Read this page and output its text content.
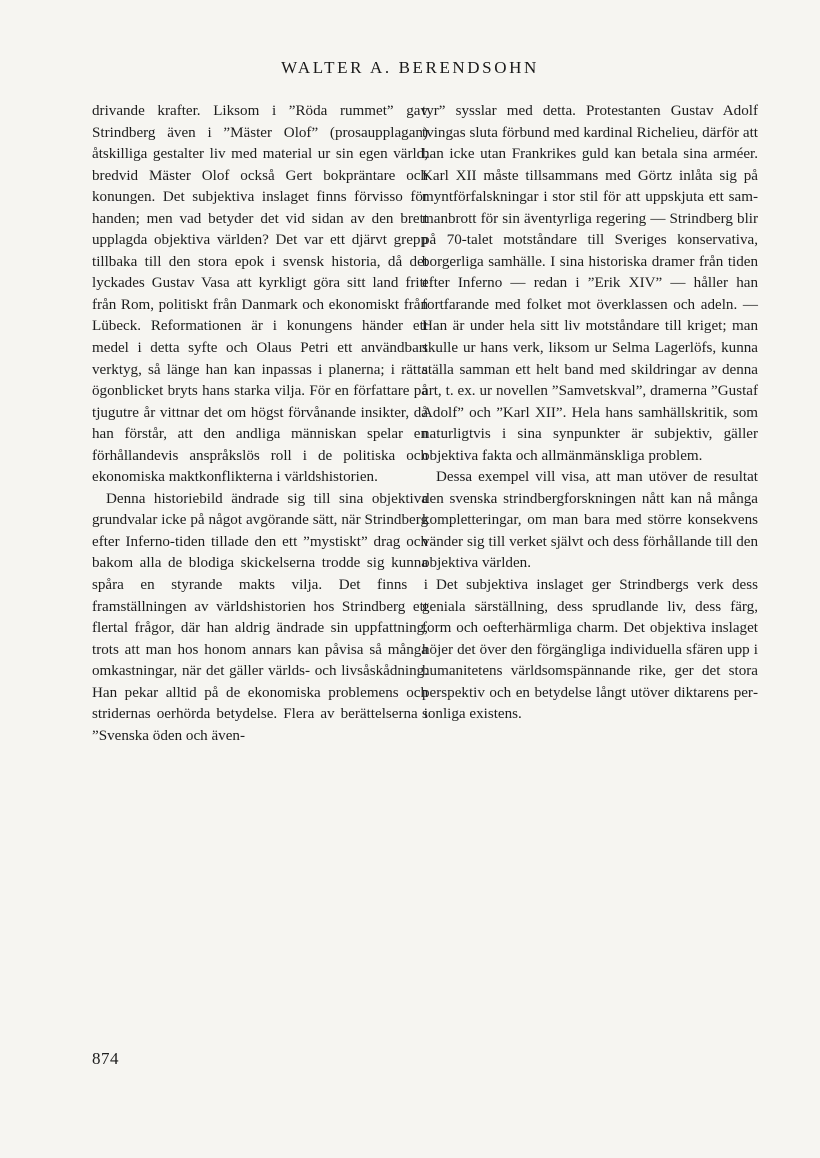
WALTER A. BERENDSOHN

drivande krafter. Liksom i ”Röda rummet” gav Strindberg även i ”Mäster Olof” (prosaupplagan) åtskilliga gestalter liv med material ur sin egen värld, bredvid Mäster Olof också Gert bokpräntare och konungen. Det subjektiva inslaget finns förvisso för handen; men vad betyder det vid sidan av den brett upplagda objektiva världen? Det var ett djärvt grepp tillbaka till den stora epok i svensk historia, då det lyckades Gustav Vasa att kyrkligt göra sitt land fritt från Rom, politiskt från Danmark och ekonomiskt från Lübeck. Reformationen är i konungens händer ett medel i detta syfte och Olaus Petri ett användbart verktyg, så länge han kan inpassas i planerna; i rätta ögonblicket bryts hans starka vilja. För en författare på tjugutre år vittnar det om högst förvånande insikter, då han förstår, att den andliga människan spelar en förhållandevis anspråkslös roll i de politiska och ekonomiska maktkonflikterna i världshistorien.

Denna historiebild ändrade sig till sina objektiva grundvalar icke på något avgörande sätt, när Strindberg efter Inferno-tiden tillade den ett ”mystiskt” drag och bakom alla de blodiga skickelserna trodde sig kunna spåra en styrande makts vilja. Det finns i framställningen av världshistorien hos Strindberg ett flertal frågor, där han aldrig ändrade sin uppfattning, trots att man hos honom annars kan påvisa så många omkastningar, när det gäller världs- och livsåskådning. Han pekar alltid på de ekonomiska problemens och stridernas oerhörda betydelse. Flera av berättelserna i ”Svenska öden och även-

tyr” sysslar med detta. Protestanten Gustav Adolf tvingas sluta förbund med kardinal Richelieu, därför att han icke utan Frankrikes guld kan betala sina arméer. Karl XII måste tillsammans med Görtz inlåta sig på myntförfalskningar i stor stil för att uppskjuta ett sammanbrott för sin äventyrliga regering — Strindberg blir på 70-talet motståndare till Sveriges konservativa, borgerliga samhälle. I sina historiska dramer från tiden efter Inferno — redan i ”Erik XIV” — håller han fortfarande med folket mot överklassen och adeln. — Han är under hela sitt liv motståndare till kriget; man skulle ur hans verk, liksom ur Selma Lagerlöfs, kunna ställa samman ett helt band med skildringar av denna art, t. ex. ur novellen ”Samvetskval”, dramerna ”Gustaf Adolf” och ”Karl XII”. Hela hans samhällskritik, som naturligtvis i sina synpunkter är subjektiv, gäller objektiva fakta och allmänmänskliga problem.

Dessa exempel vill visa, att man utöver de resultat den svenska strindbergforskningen nått kan nå många kompletteringar, om man bara med större konsekvens vänder sig till verket självt och dess förhållande till den objektiva världen.

Det subjektiva inslaget ger Strindbergs verk dess geniala särställning, dess sprudlande liv, dess färg, form och oefterhärmliga charm. Det objektiva inslaget höjer det över den förgängliga individuella sfären upp i humanitetens världsomspännande rike, ger det stora perspektiv och en betydelse långt utöver diktarens personliga existens.

874
